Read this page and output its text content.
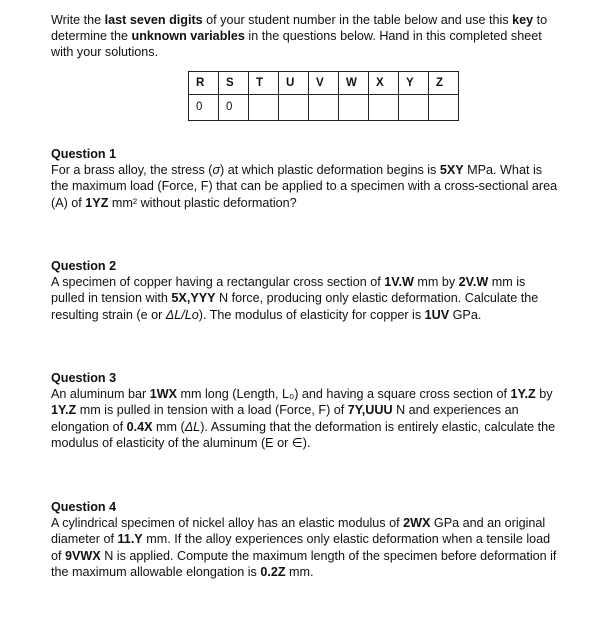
Write the last seven digits of your student number in the table below and use this key to determine the unknown variables in the questions below. Hand in this completed sheet with your solutions.
R	S	T	U	V	W	X	Y	Z
0	0							
Question 1

For a brass alloy, the stress (σ) at which plastic deformation begins is 5XY MPa. What is the maximum load (Force, F) that can be applied to a specimen with a cross-sectional area (A) of 1YZ mm² without plastic deformation?

Question 2

A specimen of copper having a rectangular cross section of 1V.W mm by 2V.W mm is pulled in tension with 5X,YYY N force, producing only elastic deformation. Calculate the resulting strain (e or ΔL/Lo). The modulus of elasticity for copper is 1UV GPa.

Question 3

An aluminum bar 1WX mm long (Length, L₀) and having a square cross section of 1Y.Z by 1Y.Z mm is pulled in tension with a load (Force, F) of 7Y,UUU N and experiences an elongation of 0.4X mm (ΔL). Assuming that the deformation is entirely elastic, calculate the modulus of elasticity of the aluminum (E or ∈).

Question 4

A cylindrical specimen of nickel alloy has an elastic modulus of 2WX GPa and an original diameter of 11.Y mm. If the alloy experiences only elastic deformation when a tensile load of 9VWX N is applied. Compute the maximum length of the specimen before deformation if the maximum allowable elongation is 0.2Z mm.
